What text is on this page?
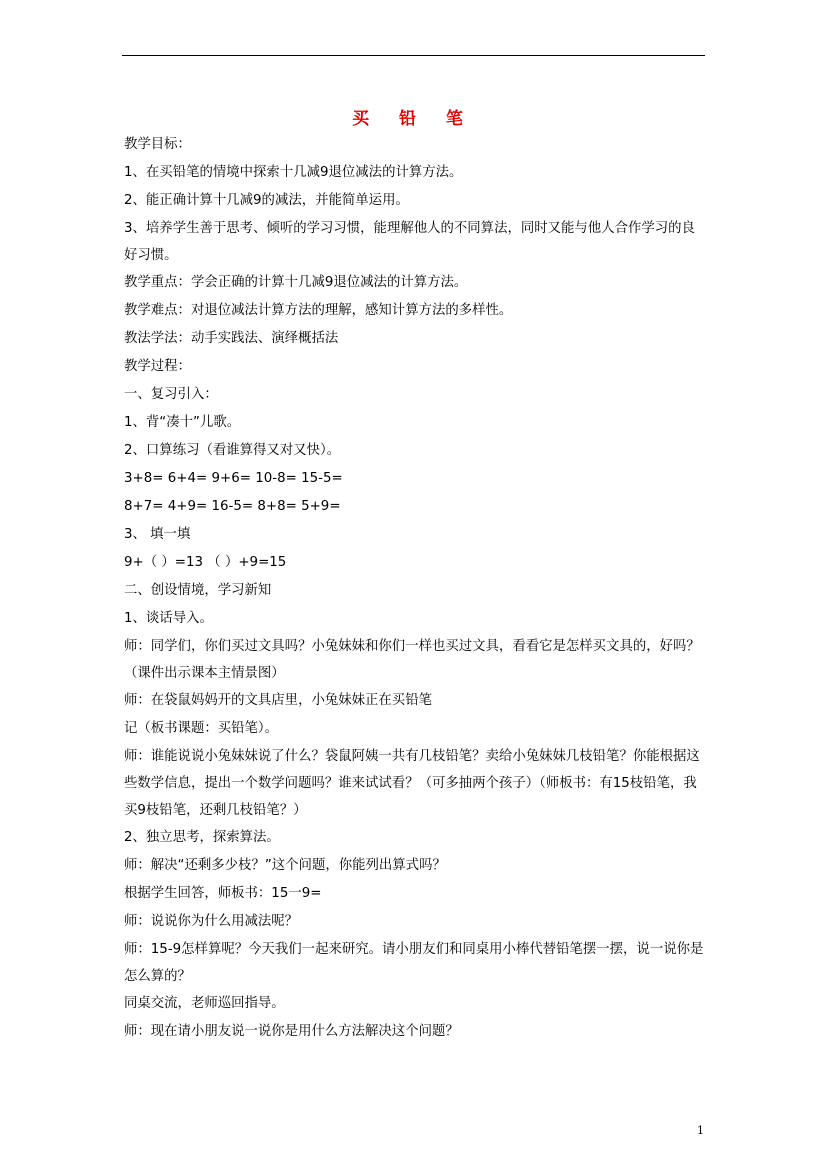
买 铅 笔

教学目标：

1、在买铅笔的情境中探索十几减9退位减法的计算方法。

2、能正确计算十几减9的减法，并能简单运用。

3、培养学生善于思考、倾听的学习习惯，能理解他人的不同算法，同时又能与他人合作学习的良好习惯。

教学重点：学会正确的计算十几减9退位减法的计算方法。

教学难点：对退位减法计算方法的理解，感知计算方法的多样性。

教法学法：动手实践法、演绎概括法

教学过程：

一、复习引入：

1、背“凑十”儿歌。

2、口算练习（看谁算得又对又快）。

3+8= 6+4= 9+6= 10-8= 15-5=

8+7= 4+9= 16-5= 8+8= 5+9=

3、 填一填

9+（ ）=13 （ ）+9=15

二、创设情境，学习新知

1、谈话导入。

师：同学们，你们买过文具吗？小兔妹妹和你们一样也买过文具，看看它是怎样买文具的，好吗？（课件出示课本主情景图）

师：在袋鼠妈妈开的文具店里，小兔妹妹正在买铅笔

记（板书课题：买铅笔）。

师：谁能说说小兔妹妹说了什么？袋鼠阿姨一共有几枝铅笔？卖给小兔妹妹几枝铅笔？你能根据这些数学信息，提出一个数学问题吗？谁来试试看？（可多抽两个孩子）（师板书：有15枝铅笔，我买9枝铅笔，还剩几枝铅笔？）

2、独立思考，探索算法。

师：解决“还剩多少枝？”这个问题，你能列出算式吗？

根据学生回答，师板书：15一9=

师：说说你为什么用减法呢？

师：15-9怎样算呢？今天我们一起来研究。请小朋友们和同桌用小棒代替铅笔摆一摆，说一说你是怎么算的？

同桌交流，老师巡回指导。

师：现在请小朋友说一说你是用什么方法解决这个问题？

1
